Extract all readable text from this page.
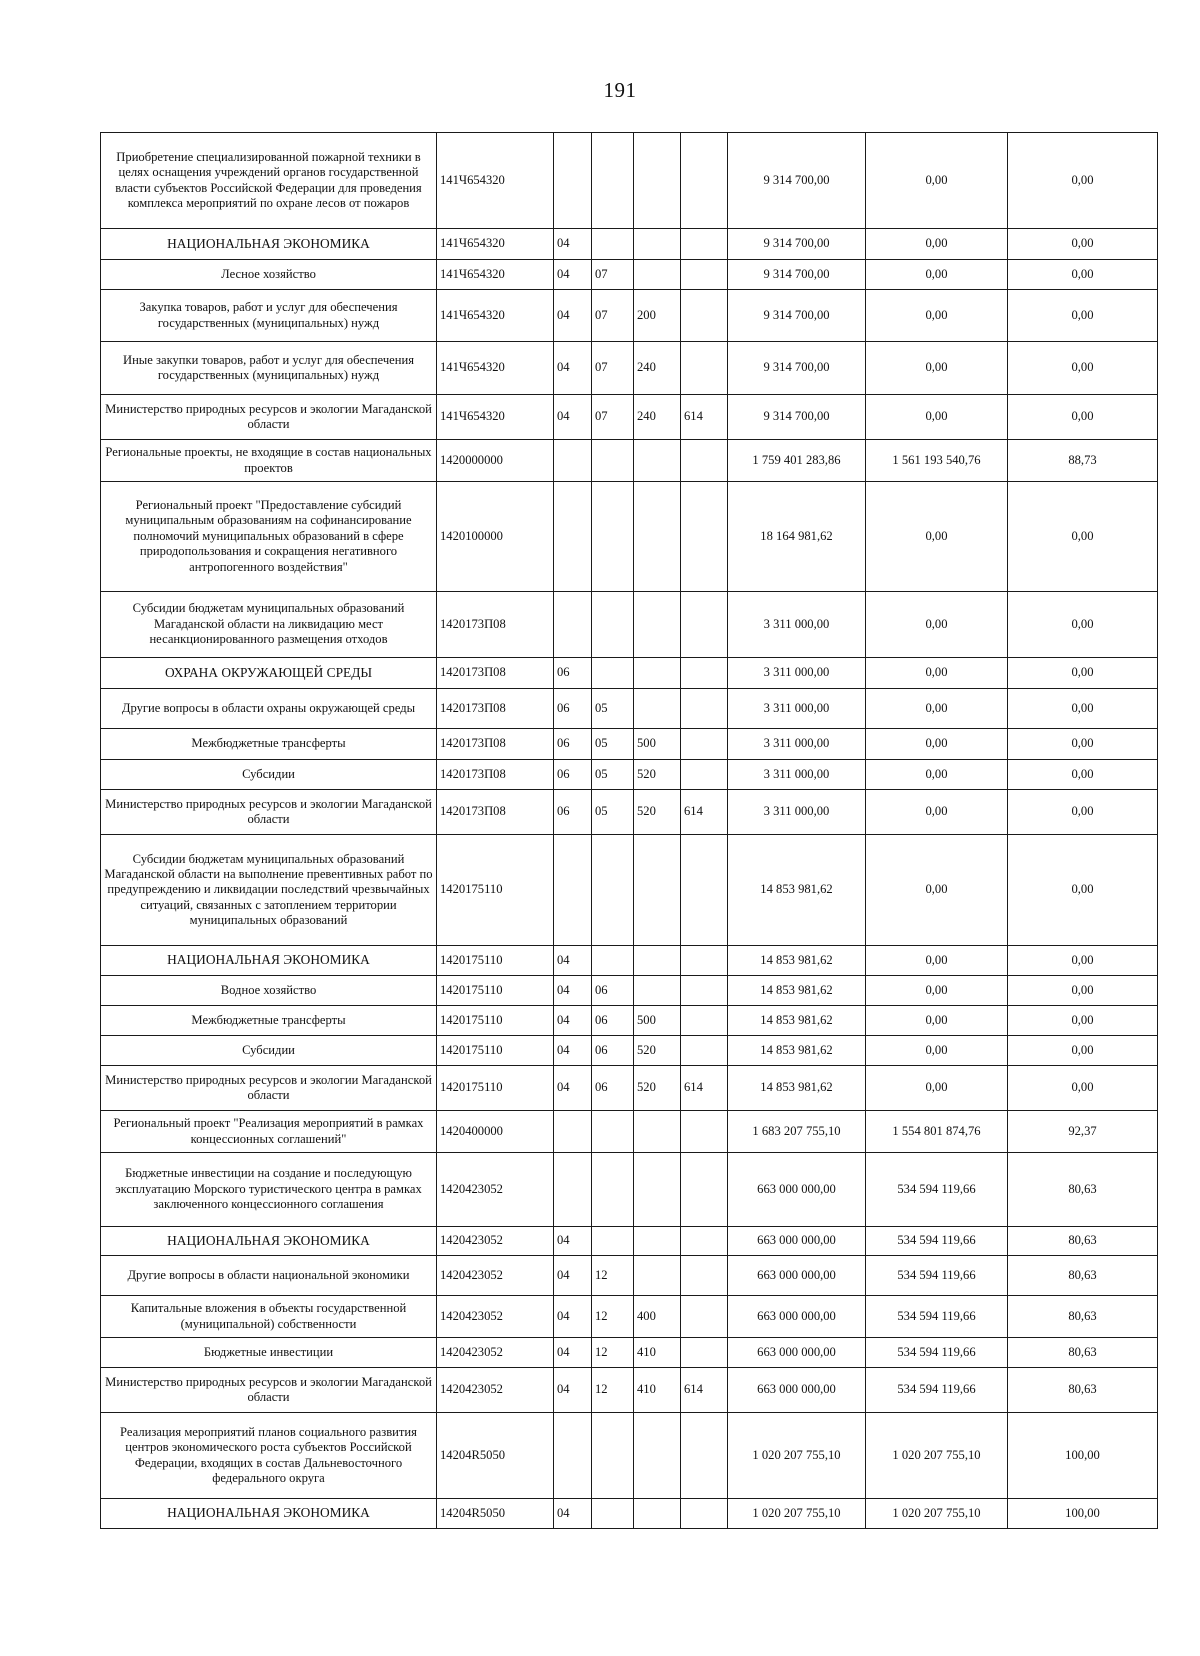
191
Приобретение специализированной пожарной техники в целях оснащения учреждений органов государственной власти субъектов Российской Федерации для проведения комплекса мероприятий по охране лесов от пожаров	141Ч654320					9 314 700,00	0,00	0,00
НАЦИОНАЛЬНАЯ ЭКОНОМИКА	141Ч654320	04				9 314 700,00	0,00	0,00
Лесное хозяйство	141Ч654320	04	07			9 314 700,00	0,00	0,00
Закупка товаров, работ и услуг для обеспечения государственных (муниципальных) нужд	141Ч654320	04	07	200		9 314 700,00	0,00	0,00
Иные закупки товаров, работ и услуг для обеспечения государственных (муниципальных) нужд	141Ч654320	04	07	240		9 314 700,00	0,00	0,00
Министерство природных ресурсов и экологии Магаданской области	141Ч654320	04	07	240	614	9 314 700,00	0,00	0,00
Региональные проекты, не входящие в состав национальных проектов	1420000000					1 759 401 283,86	1 561 193 540,76	88,73
Региональный проект "Предоставление субсидий муниципальным образованиям на софинансирование полномочий муниципальных образований в сфере природопользования и сокращения негативного антропогенного воздействия"	1420100000					18 164 981,62	0,00	0,00
Субсидии бюджетам муниципальных образований Магаданской области на ликвидацию мест несанкционированного размещения отходов	1420173П08					3 311 000,00	0,00	0,00
ОХРАНА ОКРУЖАЮЩЕЙ СРЕДЫ	1420173П08	06				3 311 000,00	0,00	0,00
Другие вопросы в области охраны окружающей среды	1420173П08	06	05			3 311 000,00	0,00	0,00
Межбюджетные трансферты	1420173П08	06	05	500		3 311 000,00	0,00	0,00
Субсидии	1420173П08	06	05	520		3 311 000,00	0,00	0,00
Министерство природных ресурсов и экологии Магаданской области	1420173П08	06	05	520	614	3 311 000,00	0,00	0,00
Субсидии бюджетам муниципальных образований Магаданской области на выполнение превентивных работ по предупреждению и ликвидации последствий чрезвычайных ситуаций, связанных с затоплением территории муниципальных образований	1420175110					14 853 981,62	0,00	0,00
НАЦИОНАЛЬНАЯ ЭКОНОМИКА	1420175110	04				14 853 981,62	0,00	0,00
Водное хозяйство	1420175110	04	06			14 853 981,62	0,00	0,00
Межбюджетные трансферты	1420175110	04	06	500		14 853 981,62	0,00	0,00
Субсидии	1420175110	04	06	520		14 853 981,62	0,00	0,00
Министерство природных ресурсов и экологии Магаданской области	1420175110	04	06	520	614	14 853 981,62	0,00	0,00
Региональный проект "Реализация мероприятий в рамках концессионных соглашений"	1420400000					1 683 207 755,10	1 554 801 874,76	92,37
Бюджетные инвестиции на создание и последующую эксплуатацию Морского туристического центра в рамках заключенного концессионного соглашения	1420423052					663 000 000,00	534 594 119,66	80,63
НАЦИОНАЛЬНАЯ ЭКОНОМИКА	1420423052	04				663 000 000,00	534 594 119,66	80,63
Другие вопросы в области национальной экономики	1420423052	04	12			663 000 000,00	534 594 119,66	80,63
Капитальные вложения в объекты государственной (муниципальной) собственности	1420423052	04	12	400		663 000 000,00	534 594 119,66	80,63
Бюджетные инвестиции	1420423052	04	12	410		663 000 000,00	534 594 119,66	80,63
Министерство природных ресурсов и экологии Магаданской области	1420423052	04	12	410	614	663 000 000,00	534 594 119,66	80,63
Реализация мероприятий планов социального развития центров экономического роста субъектов Российской Федерации, входящих в состав Дальневосточного федерального округа	14204R5050					1 020 207 755,10	1 020 207 755,10	100,00
НАЦИОНАЛЬНАЯ ЭКОНОМИКА	14204R5050	04				1 020 207 755,10	1 020 207 755,10	100,00
